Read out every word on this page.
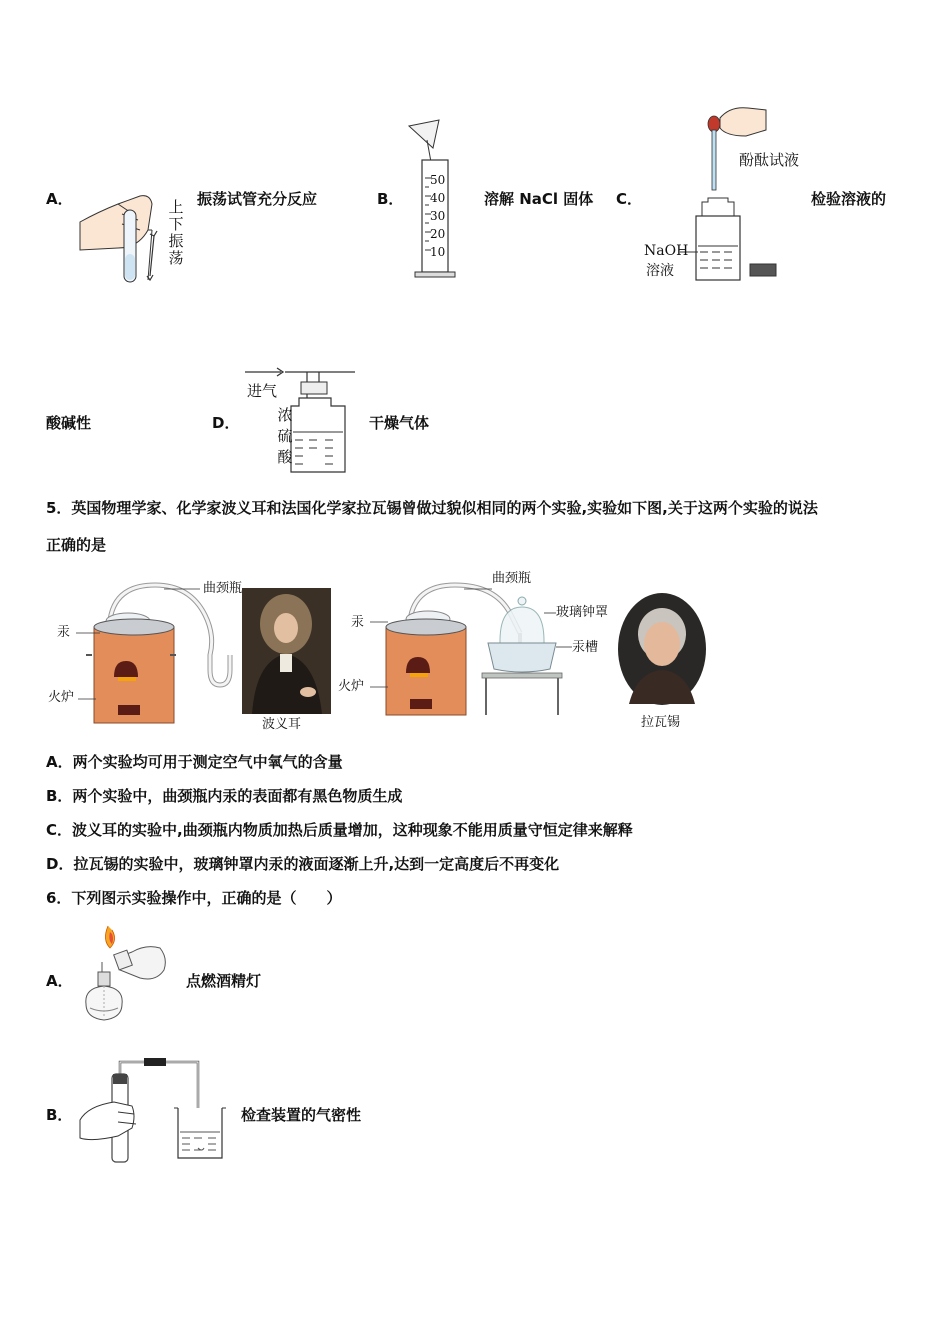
A．	上
下
振
荡
振荡试管充分反应	B．
50
40
30
20
10
溶解 NaCl 固体 C．
酚酞试液
NaOH
溶液
检验溶液的
酸碱性	D．
进气
浓
硫
酸
干燥气体
5．英国物理学家、化学家波义耳和法国化学家拉瓦锡曾做过貌似相同的两个实验,实验如下图,关于这两个实验的说法
正确的是
曲颈瓶
汞
火炉
波义耳
曲颈瓶
玻璃钟罩
汞
汞槽
火炉
拉瓦锡
A．两个实验均可用于测定空气中氧气的含量
B．两个实验中，曲颈瓶内汞的表面都有黑色物质生成
C．波义耳的实验中,曲颈瓶内物质加热后质量增加，这种现象不能用质量守恒定律来解释
D．拉瓦锡的实验中，玻璃钟罩内汞的液面逐渐上升,达到一定高度后不再变化
6．下列图示实验操作中，正确的是（　　）
A．	点燃酒精灯
B．	检查装置的气密性
